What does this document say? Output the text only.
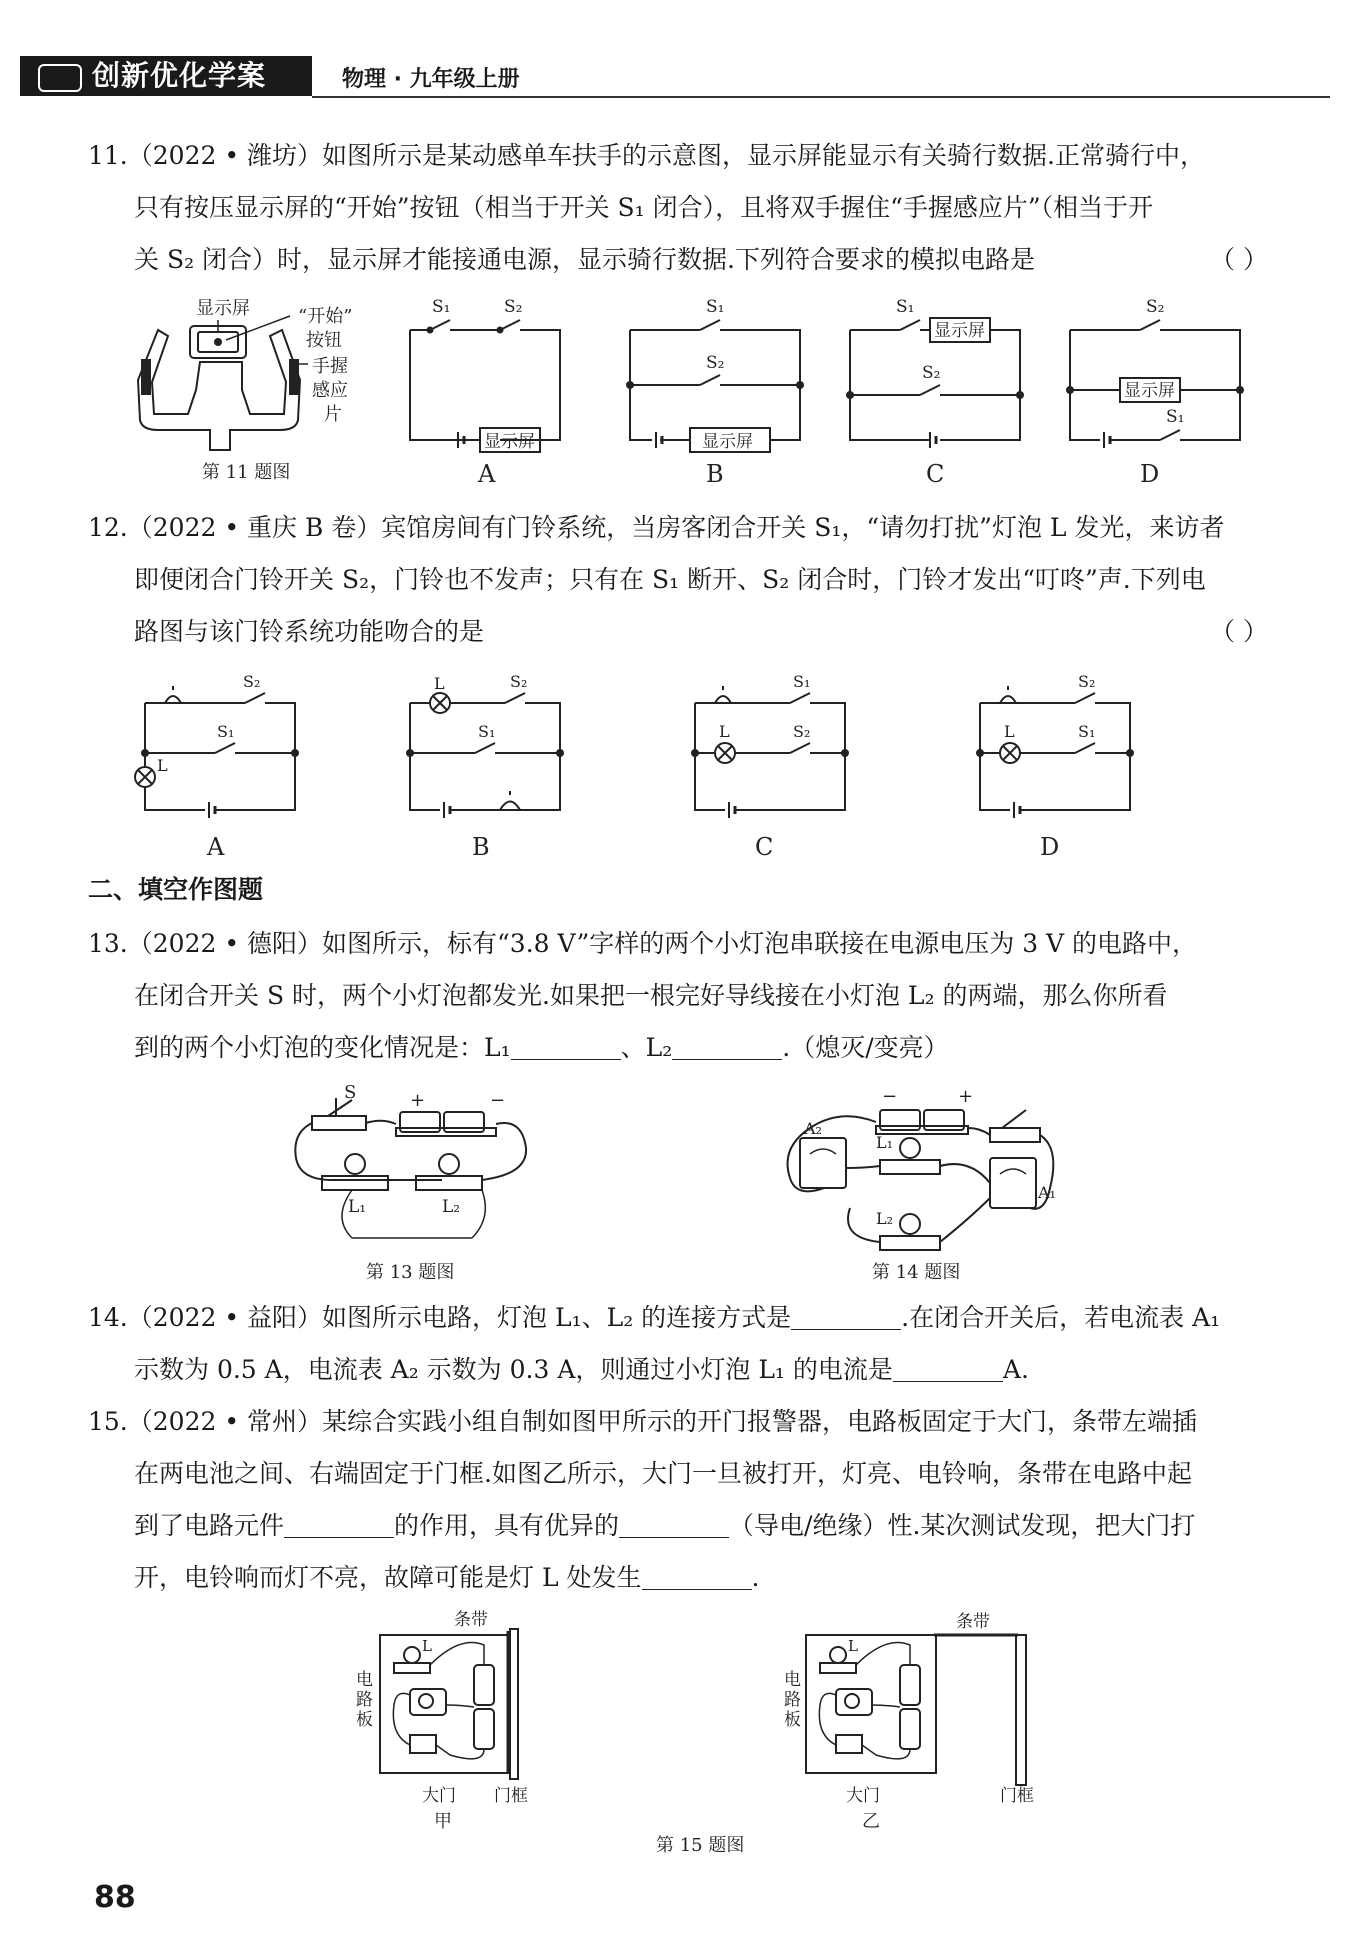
创新优化学案	物理 · 九年级上册
11.（2022 • 潍坊）如图所示是某动感单车扶手的示意图，显示屏能显示有关骑行数据.正常骑行中，
只有按压显示屏的“开始”按钮（相当于开关 S₁ 闭合），且将双手握住“手握感应片”（相当于开
关 S₂ 闭合）时，显示屏才能接通电源，显示骑行数据.下列符合要求的模拟电路是	（ ）
显示屏	“开始”
按钮
手握
感应
片
第 11 题图
显示屏
S₁	S₂
A
显示屏
S₁
S₂
B
显示屏
S₁
S₂
C
显示屏
S₂
S₁
D
12.（2022 • 重庆 B 卷）宾馆房间有门铃系统，当房客闭合开关 S₁，“请勿打扰”灯泡 L 发光，来访者
即便闭合门铃开关 S₂，门铃也不发声；只有在 S₁ 断开、S₂ 闭合时，门铃才发出“叮咚”声.下列电
路图与该门铃系统功能吻合的是	（ ）
S₂
S₁
L
A
L	S₂
S₁
B
S₁
L	S₂
C
S₂
L	S₁
D
二、填空作图题
13.（2022 • 德阳）如图所示，标有“3.8 V”字样的两个小灯泡串联接在电源电压为 3 V 的电路中，
在闭合开关 S 时，两个小灯泡都发光.如果把一根完好导线接在小灯泡 L₂ 的两端，那么你所看
到的两个小灯泡的变化情况是：L₁	、L₂	.（熄灭/变亮）
S	+	−
L₁	L₂
第 13 题图
−	+
A₂
A₁
L₁
L₂
第 14 题图
14.（2022 • 益阳）如图所示电路，灯泡 L₁、L₂ 的连接方式是	.在闭合开关后，若电流表 A₁
示数为 0.5 A，电流表 A₂ 示数为 0.3 A，则通过小灯泡 L₁ 的电流是	A.
15.（2022 • 常州）某综合实践小组自制如图甲所示的开门报警器，电路板固定于大门，条带左端插
在两电池之间、右端固定于门框.如图乙所示，大门一旦被打开，灯亮、电铃响，条带在电路中起
到了电路元件	的作用，具有优异的	（导电/绝缘）性.某次测试发现，把大门打
开，电铃响而灯不亮，故障可能是灯 L 处发生	.
条带
电
路
板
大门 门框
甲
L
条带
电
路
板
大门	门框
乙
L
第 15 题图
88
